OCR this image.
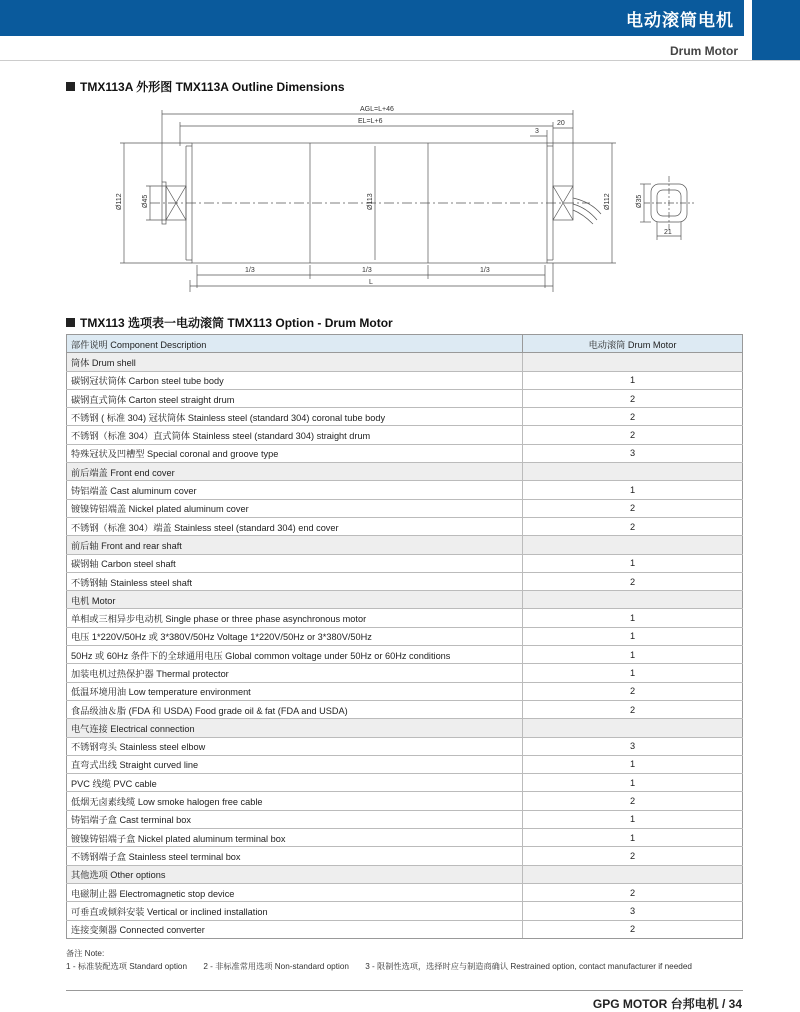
电动滚筒电机
Drum Motor
TMX113A 外形图 TMX113A Outline Dimensions
AGL=L+46
EL=L+6
3
20
Ø112	Ø45	Ø113	Ø112	Ø35
21
1/3	1/3	1/3
L
TMX113 选项表一电动滚筒 TMX113 Option - Drum Motor
部件说明 Component Description	电动滚筒 Drum Motor
筒体 Drum shell	
碳钢冠状筒体 Carbon steel tube body	1
碳钢直式筒体 Carton steel straight drum	2
不锈钢 ( 标准 304) 冠状筒体 Stainless steel (standard 304) coronal tube body	2
不锈钢（标准 304）直式筒体 Stainless steel (standard 304) straight drum	2
特殊冠状及凹槽型 Special coronal and groove type	3
前后端盖 Front end cover	
铸铝端盖 Cast aluminum cover	1
镀镍铸铝端盖 Nickel plated aluminum cover	2
不锈钢（标准 304）端盖 Stainless steel (standard 304) end cover	2
前后轴 Front and rear shaft	
碳钢轴 Carbon steel shaft	1
不锈钢轴 Stainless steel shaft	2
电机 Motor	
单相或三相异步电动机 Single phase or three phase asynchronous motor	1
电压 1*220V/50Hz 或 3*380V/50Hz Voltage 1*220V/50Hz or 3*380V/50Hz	1
50Hz 或 60Hz 条件下的全球通用电压 Global common voltage under 50Hz or 60Hz conditions	1
加装电机过热保护器 Thermal protector	1
低温环境用油 Low temperature environment	2
食品级油＆脂 (FDA 和 USDA) Food grade oil & fat (FDA and USDA)	2
电气连接 Electrical connection	
不锈钢弯头 Stainless steel elbow	3
直弯式出线 Straight curved line	1
PVC 线缆 PVC cable	1
低烟无卤素线缆 Low smoke halogen free cable	2
铸铝端子盒 Cast terminal box	1
镀镍铸铝端子盒 Nickel plated aluminum terminal box	1
不锈钢端子盒 Stainless steel terminal box	2
其他选项 Other options	
电磁制止器 Electromagnetic stop device	2
可垂直或倾斜安装 Vertical or inclined installation	3
连接变频器 Connected converter	2
备注 Note:
1 - 标准装配选项 Standard option 2 - 非标准常用选项 Non-standard option 3 - 限制性选项，选择时应与制造商确认 Restrained option, contact manufacturer if needed
GPG MOTOR 台邦电机 / 34
